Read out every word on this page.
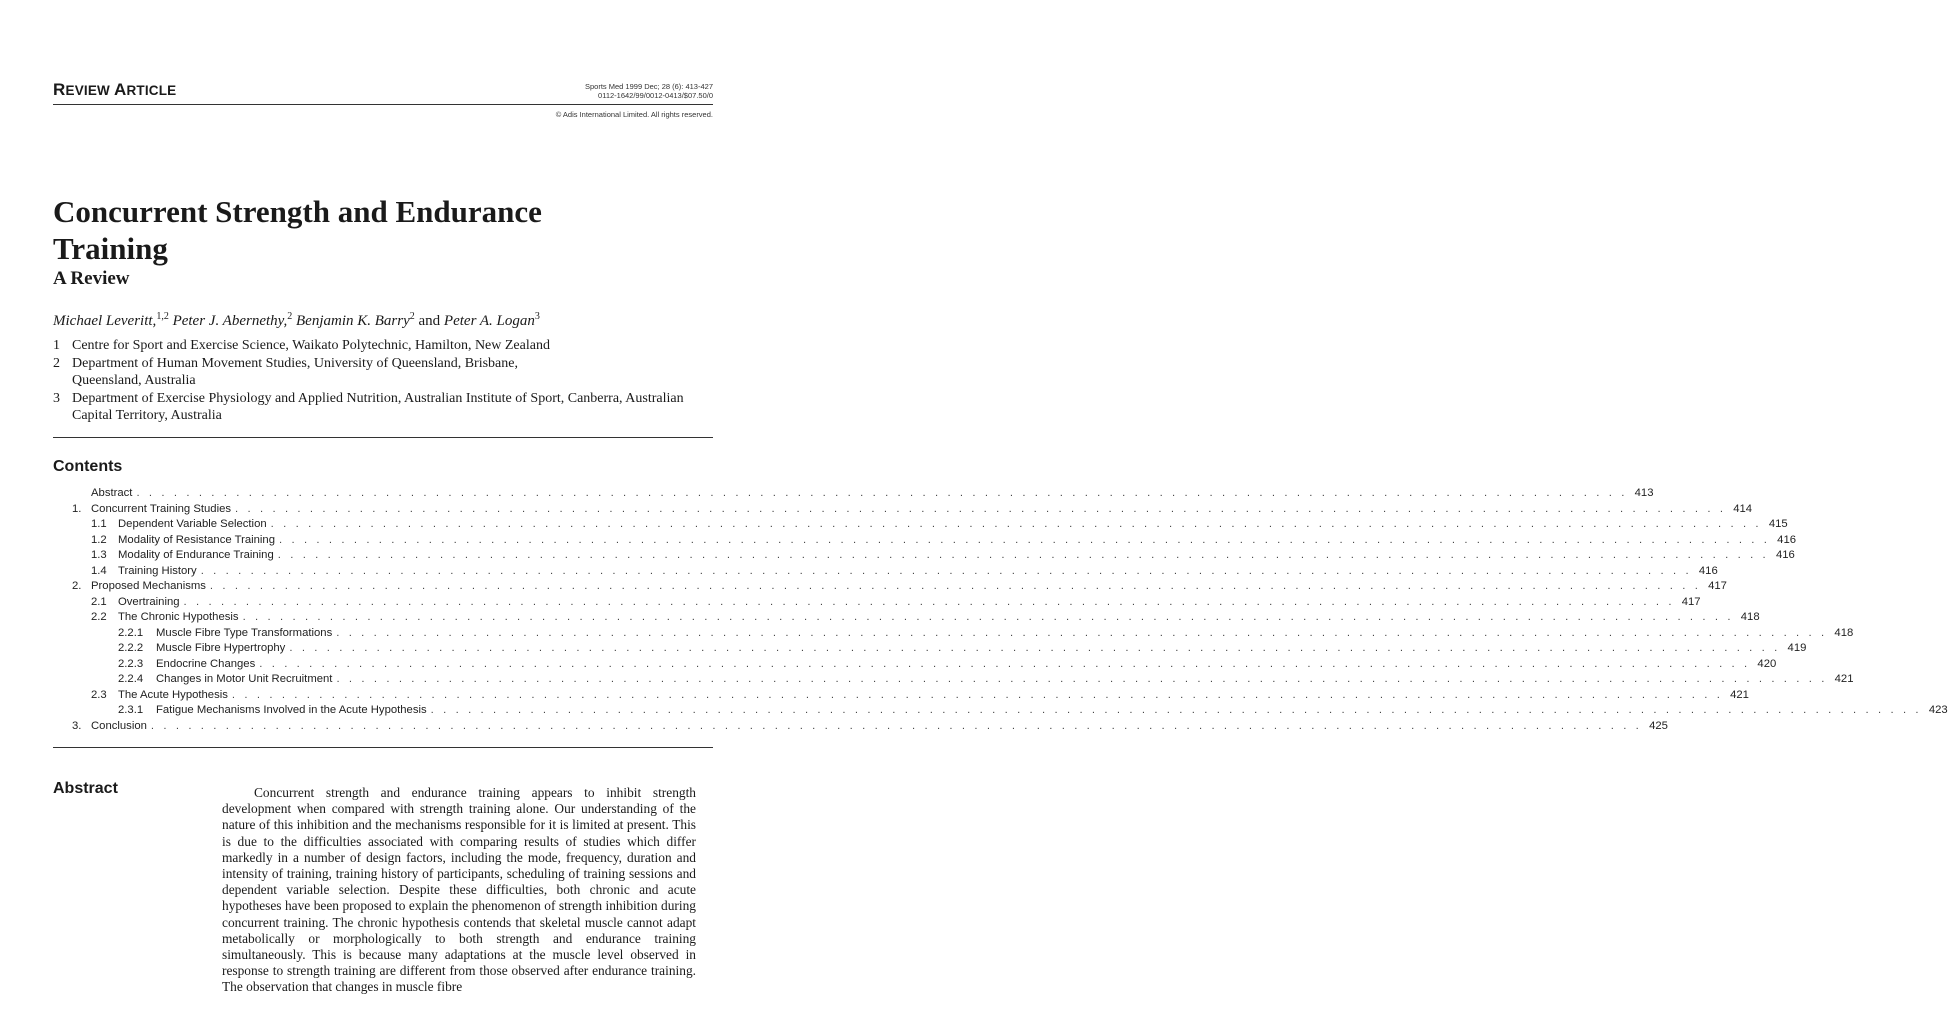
REVIEW ARTICLE	Sports Med 1999 Dec; 28 (6): 413-427
0112-1642/99/0012-0413/$07.50/0
© Adis International Limited. All rights reserved.
Concurrent Strength and Endurance Training
A Review
Michael Leveritt,$^{1,2}$ Peter J. Abernethy,$^2$ Benjamin K. Barry$^2$ and Peter A. Logan$^3$
1 Centre for Sport and Exercise Science, Waikato Polytechnic, Hamilton, New Zealand
2 Department of Human Movement Studies, University of Queensland, Brisbane, Queensland, Australia
3 Department of Exercise Physiology and Applied Nutrition, Australian Institute of Sport, Canberra, Australian Capital Territory, Australia
Contents
Abstract . . . . . . . . . . . . . . . . . . . . . . . . . . . . . . . . . . . . . . . . . . . . . . . . . . . . . . . . . . . . . . . . . . . . . . . . . . . . . . . . . . . . . . . . . . . . . . . . . . . . . . . . . . . . . . . . . . . . . . . . 413
1. Concurrent Training Studies . . . . . . . . . . . . . . . . . . . . . . . . . . . . . . . . . . . . . . . . . . . . . . . . . . . . . . . . . . . . . . . . . . . . . . . . . . . . . . . . . . . . . . . . . . . . . . . . . . . . . . . . . . . . . . . . . . . . . . . . 414
1.1 Dependent Variable Selection . . . . . . . . . . . . . . . . . . . . . . . . . . . . . . . . . . . . . . . . . . . . . . . . . . . . . . . . . . . . . . . . . . . . . . . . . . . . . . . . . . . . . . . . . . . . . . . . . . . . . . . . . . . . . . . . . . . . . . . . 415
1.2 Modality of Resistance Training . . . . . . . . . . . . . . . . . . . . . . . . . . . . . . . . . . . . . . . . . . . . . . . . . . . . . . . . . . . . . . . . . . . . . . . . . . . . . . . . . . . . . . . . . . . . . . . . . . . . . . . . . . . . . . . . . . . . . . . . 416
1.3 Modality of Endurance Training . . . . . . . . . . . . . . . . . . . . . . . . . . . . . . . . . . . . . . . . . . . . . . . . . . . . . . . . . . . . . . . . . . . . . . . . . . . . . . . . . . . . . . . . . . . . . . . . . . . . . . . . . . . . . . . . . . . . . . . . 416
1.4 Training History . . . . . . . . . . . . . . . . . . . . . . . . . . . . . . . . . . . . . . . . . . . . . . . . . . . . . . . . . . . . . . . . . . . . . . . . . . . . . . . . . . . . . . . . . . . . . . . . . . . . . . . . . . . . . . . . . . . . . . . . 416
2. Proposed Mechanisms . . . . . . . . . . . . . . . . . . . . . . . . . . . . . . . . . . . . . . . . . . . . . . . . . . . . . . . . . . . . . . . . . . . . . . . . . . . . . . . . . . . . . . . . . . . . . . . . . . . . . . . . . . . . . . . . . . . . . . . . 417
2.1 Overtraining . . . . . . . . . . . . . . . . . . . . . . . . . . . . . . . . . . . . . . . . . . . . . . . . . . . . . . . . . . . . . . . . . . . . . . . . . . . . . . . . . . . . . . . . . . . . . . . . . . . . . . . . . . . . . . . . . . . . . . . . 417
2.2 The Chronic Hypothesis . . . . . . . . . . . . . . . . . . . . . . . . . . . . . . . . . . . . . . . . . . . . . . . . . . . . . . . . . . . . . . . . . . . . . . . . . . . . . . . . . . . . . . . . . . . . . . . . . . . . . . . . . . . . . . . . . . . . . . . . 418
2.2.1	Muscle Fibre Type Transformations . . . . . . . . . . . . . . . . . . . . . . . . . . . . . . . . . . . . . . . . . . . . . . . . . . . . . . . . . . . . . . . . . . . . . . . . . . . . . . . . . . . . . . . . . . . . . . . . . . . . . . . . . . . . . . . . . . . . . . . . 418
2.2.2	Muscle Fibre Hypertrophy . . . . . . . . . . . . . . . . . . . . . . . . . . . . . . . . . . . . . . . . . . . . . . . . . . . . . . . . . . . . . . . . . . . . . . . . . . . . . . . . . . . . . . . . . . . . . . . . . . . . . . . . . . . . . . . . . . . . . . . . 419
2.2.3	Endocrine Changes . . . . . . . . . . . . . . . . . . . . . . . . . . . . . . . . . . . . . . . . . . . . . . . . . . . . . . . . . . . . . . . . . . . . . . . . . . . . . . . . . . . . . . . . . . . . . . . . . . . . . . . . . . . . . . . . . . . . . . . . 420
2.2.4	Changes in Motor Unit Recruitment . . . . . . . . . . . . . . . . . . . . . . . . . . . . . . . . . . . . . . . . . . . . . . . . . . . . . . . . . . . . . . . . . . . . . . . . . . . . . . . . . . . . . . . . . . . . . . . . . . . . . . . . . . . . . . . . . . . . . . . . 421
2.3 The Acute Hypothesis . . . . . . . . . . . . . . . . . . . . . . . . . . . . . . . . . . . . . . . . . . . . . . . . . . . . . . . . . . . . . . . . . . . . . . . . . . . . . . . . . . . . . . . . . . . . . . . . . . . . . . . . . . . . . . . . . . . . . . . . 421
2.3.1	Fatigue Mechanisms Involved in the Acute Hypothesis . . . . . . . . . . . . . . . . . . . . . . . . . . . . . . . . . . . . . . . . . . . . . . . . . . . . . . . . . . . . . . . . . . . . . . . . . . . . . . . . . . . . . . . . . . . . . . . . . . . . . . . . . . . . . . . . . . . . . . . . 423
3. Conclusion . . . . . . . . . . . . . . . . . . . . . . . . . . . . . . . . . . . . . . . . . . . . . . . . . . . . . . . . . . . . . . . . . . . . . . . . . . . . . . . . . . . . . . . . . . . . . . . . . . . . . . . . . . . . . . . . . . . . . . . . 425
Abstract	Concurrent strength and endurance training appears to inhibit strength development when compared with strength training alone. Our understanding of the nature of this inhibition and the mechanisms responsible for it is limited at present. This is due to the difficulties associated with comparing results of studies which differ markedly in a number of design factors, including the mode, frequency, duration and intensity of training, training history of participants, scheduling of training sessions and dependent variable selection. Despite these difficulties, both chronic and acute hypotheses have been proposed to explain the phenomenon of strength inhibition during concurrent training. The chronic hypothesis contends that skeletal muscle cannot adapt metabolically or morphologically to both strength and endurance training simultaneously. This is because many adaptations at the muscle level observed in response to strength training are different from those observed after endurance training. The observation that changes in muscle fibre
